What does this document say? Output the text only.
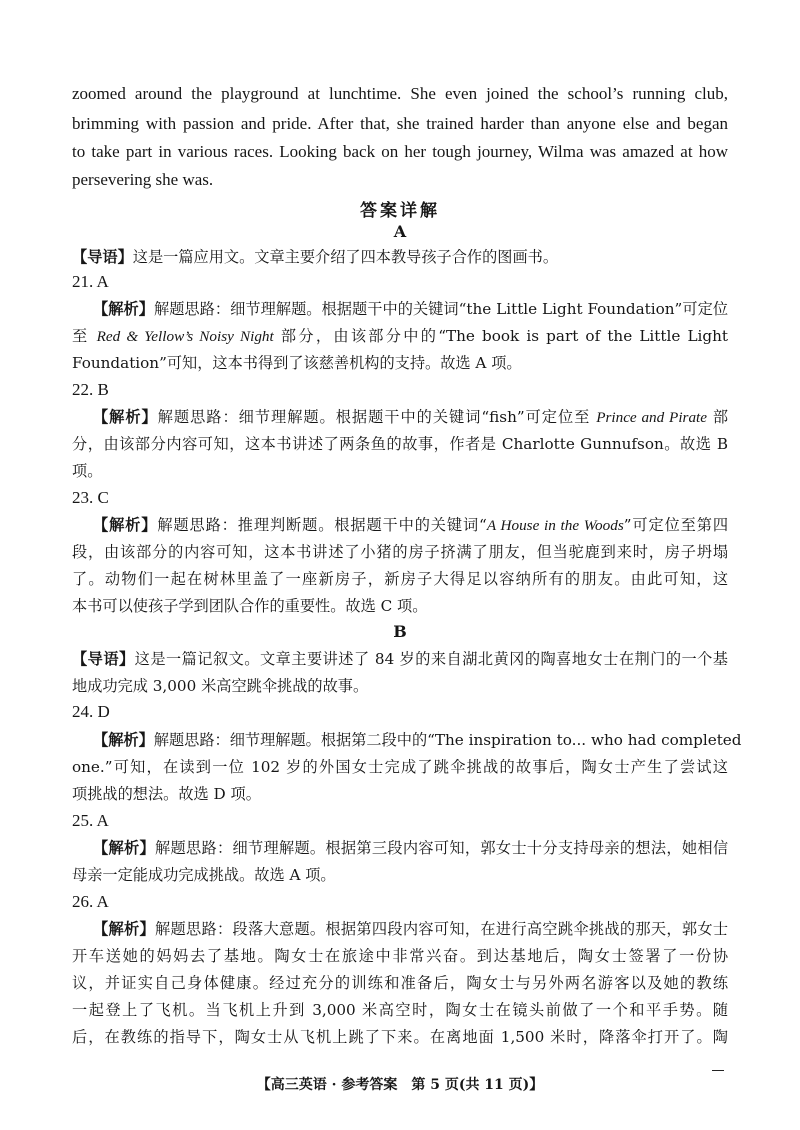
zoomed around the playground at lunchtime. She even joined the school’s running club,

brimming with passion and pride. After that, she trained harder than anyone else and began

to take part in various races. Looking back on her tough journey, Wilma was amazed at how

persevering she was.

答案详解

A

【导语】这是一篇应用文。文章主要介绍了四本教导孩子合作的图画书。

21. A

【解析】解题思路：细节理解题。根据题干中的关键词“the Little Light Foundation”可定位

至 Red & Yellow’s Noisy Night 部分，由该部分中的“The book is part of the Little Light

Foundation”可知，这本书得到了该慈善机构的支持。故选 A 项。

22. B

【解析】解题思路：细节理解题。根据题干中的关键词“fish”可定位至 Prince and Pirate 部

分，由该部分内容可知，这本书讲述了两条鱼的故事，作者是 Charlotte Gunnufson。故选 B

项。

23. C

【解析】解题思路：推理判断题。根据题干中的关键词“A House in the Woods”可定位至第四

段，由该部分的内容可知，这本书讲述了小猪的房子挤满了朋友，但当驼鹿到来时，房子坍塌

了。动物们一起在树林里盖了一座新房子，新房子大得足以容纳所有的朋友。由此可知，这

本书可以使孩子学到团队合作的重要性。故选 C 项。

B

【导语】这是一篇记叙文。文章主要讲述了 84 岁的来自湖北黄冈的陶喜地女士在荆门的一个基

地成功完成 3,000 米高空跳伞挑战的故事。

24. D

【解析】解题思路：细节理解题。根据第二段中的“The inspiration to... who had completed

one.”可知，在读到一位 102 岁的外国女士完成了跳伞挑战的故事后，陶女士产生了尝试这

项挑战的想法。故选 D 项。

25. A

【解析】解题思路：细节理解题。根据第三段内容可知，郭女士十分支持母亲的想法，她相信

母亲一定能成功完成挑战。故选 A 项。

26. A

【解析】解题思路：段落大意题。根据第四段内容可知，在进行高空跳伞挑战的那天，郭女士

开车送她的妈妈去了基地。陶女士在旅途中非常兴奋。到达基地后，陶女士签署了一份协

议，并证实自己身体健康。经过充分的训练和准备后，陶女士与另外两名游客以及她的教练

一起登上了飞机。当飞机上升到 3,000 米高空时，陶女士在镜头前做了一个和平手势。随

后，在教练的指导下，陶女士从飞机上跳了下来。在离地面 1,500 米时，降落伞打开了。陶

【高三英语 · 参考答案　第 5 页(共 11 页)】
